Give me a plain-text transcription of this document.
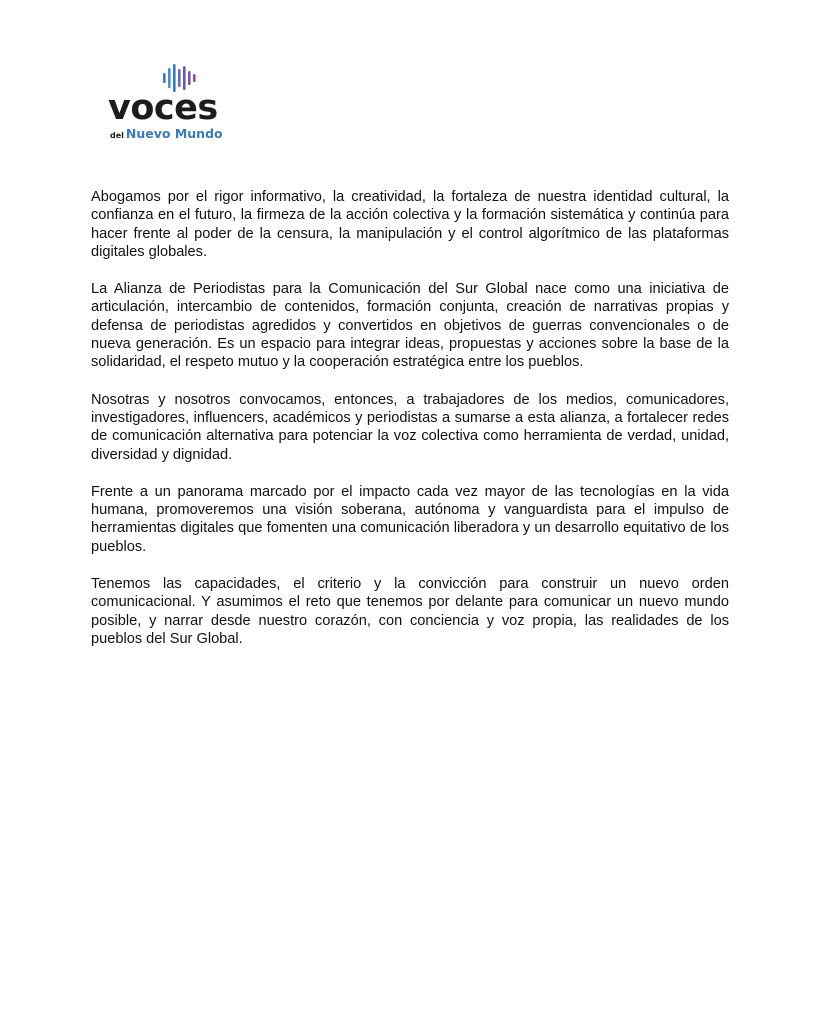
voces
del Nuevo Mundo

Abogamos por el rigor informativo, la creatividad, la fortaleza de nuestra identidad cultural, la confianza en el futuro, la firmeza de la acción colectiva y la formación sistemática y continúa para hacer frente al poder de la censura, la manipulación y el control algorítmico de las plataformas digitales globales.

La Alianza de Periodistas para la Comunicación del Sur Global nace como una iniciativa de articulación, intercambio de contenidos, formación conjunta, creación de narrativas propias y defensa de periodistas agredidos y convertidos en objetivos de guerras convencionales o de nueva generación. Es un espacio para integrar ideas, propuestas y acciones sobre la base de la solidaridad, el respeto mutuo y la cooperación estratégica entre los pueblos.

Nosotras y nosotros convocamos, entonces, a trabajadores de los medios, comunicadores, investigadores, influencers, académicos y periodistas a sumarse a esta alianza, a fortalecer redes de comunicación alternativa para potenciar la voz colectiva como herramienta de verdad, unidad, diversidad y dignidad.

Frente a un panorama marcado por el impacto cada vez mayor de las tecnologías en la vida humana, promoveremos una visión soberana, autónoma y vanguardista para el impulso de herramientas digitales que fomenten una comunicación liberadora y un desarrollo equitativo de los pueblos.

Tenemos las capacidades, el criterio y la convicción para construir un nuevo orden comunicacional. Y asumimos el reto que tenemos por delante para comunicar un nuevo mundo posible, y narrar desde nuestro corazón, con conciencia y voz propia, las realidades de los pueblos del Sur Global.
